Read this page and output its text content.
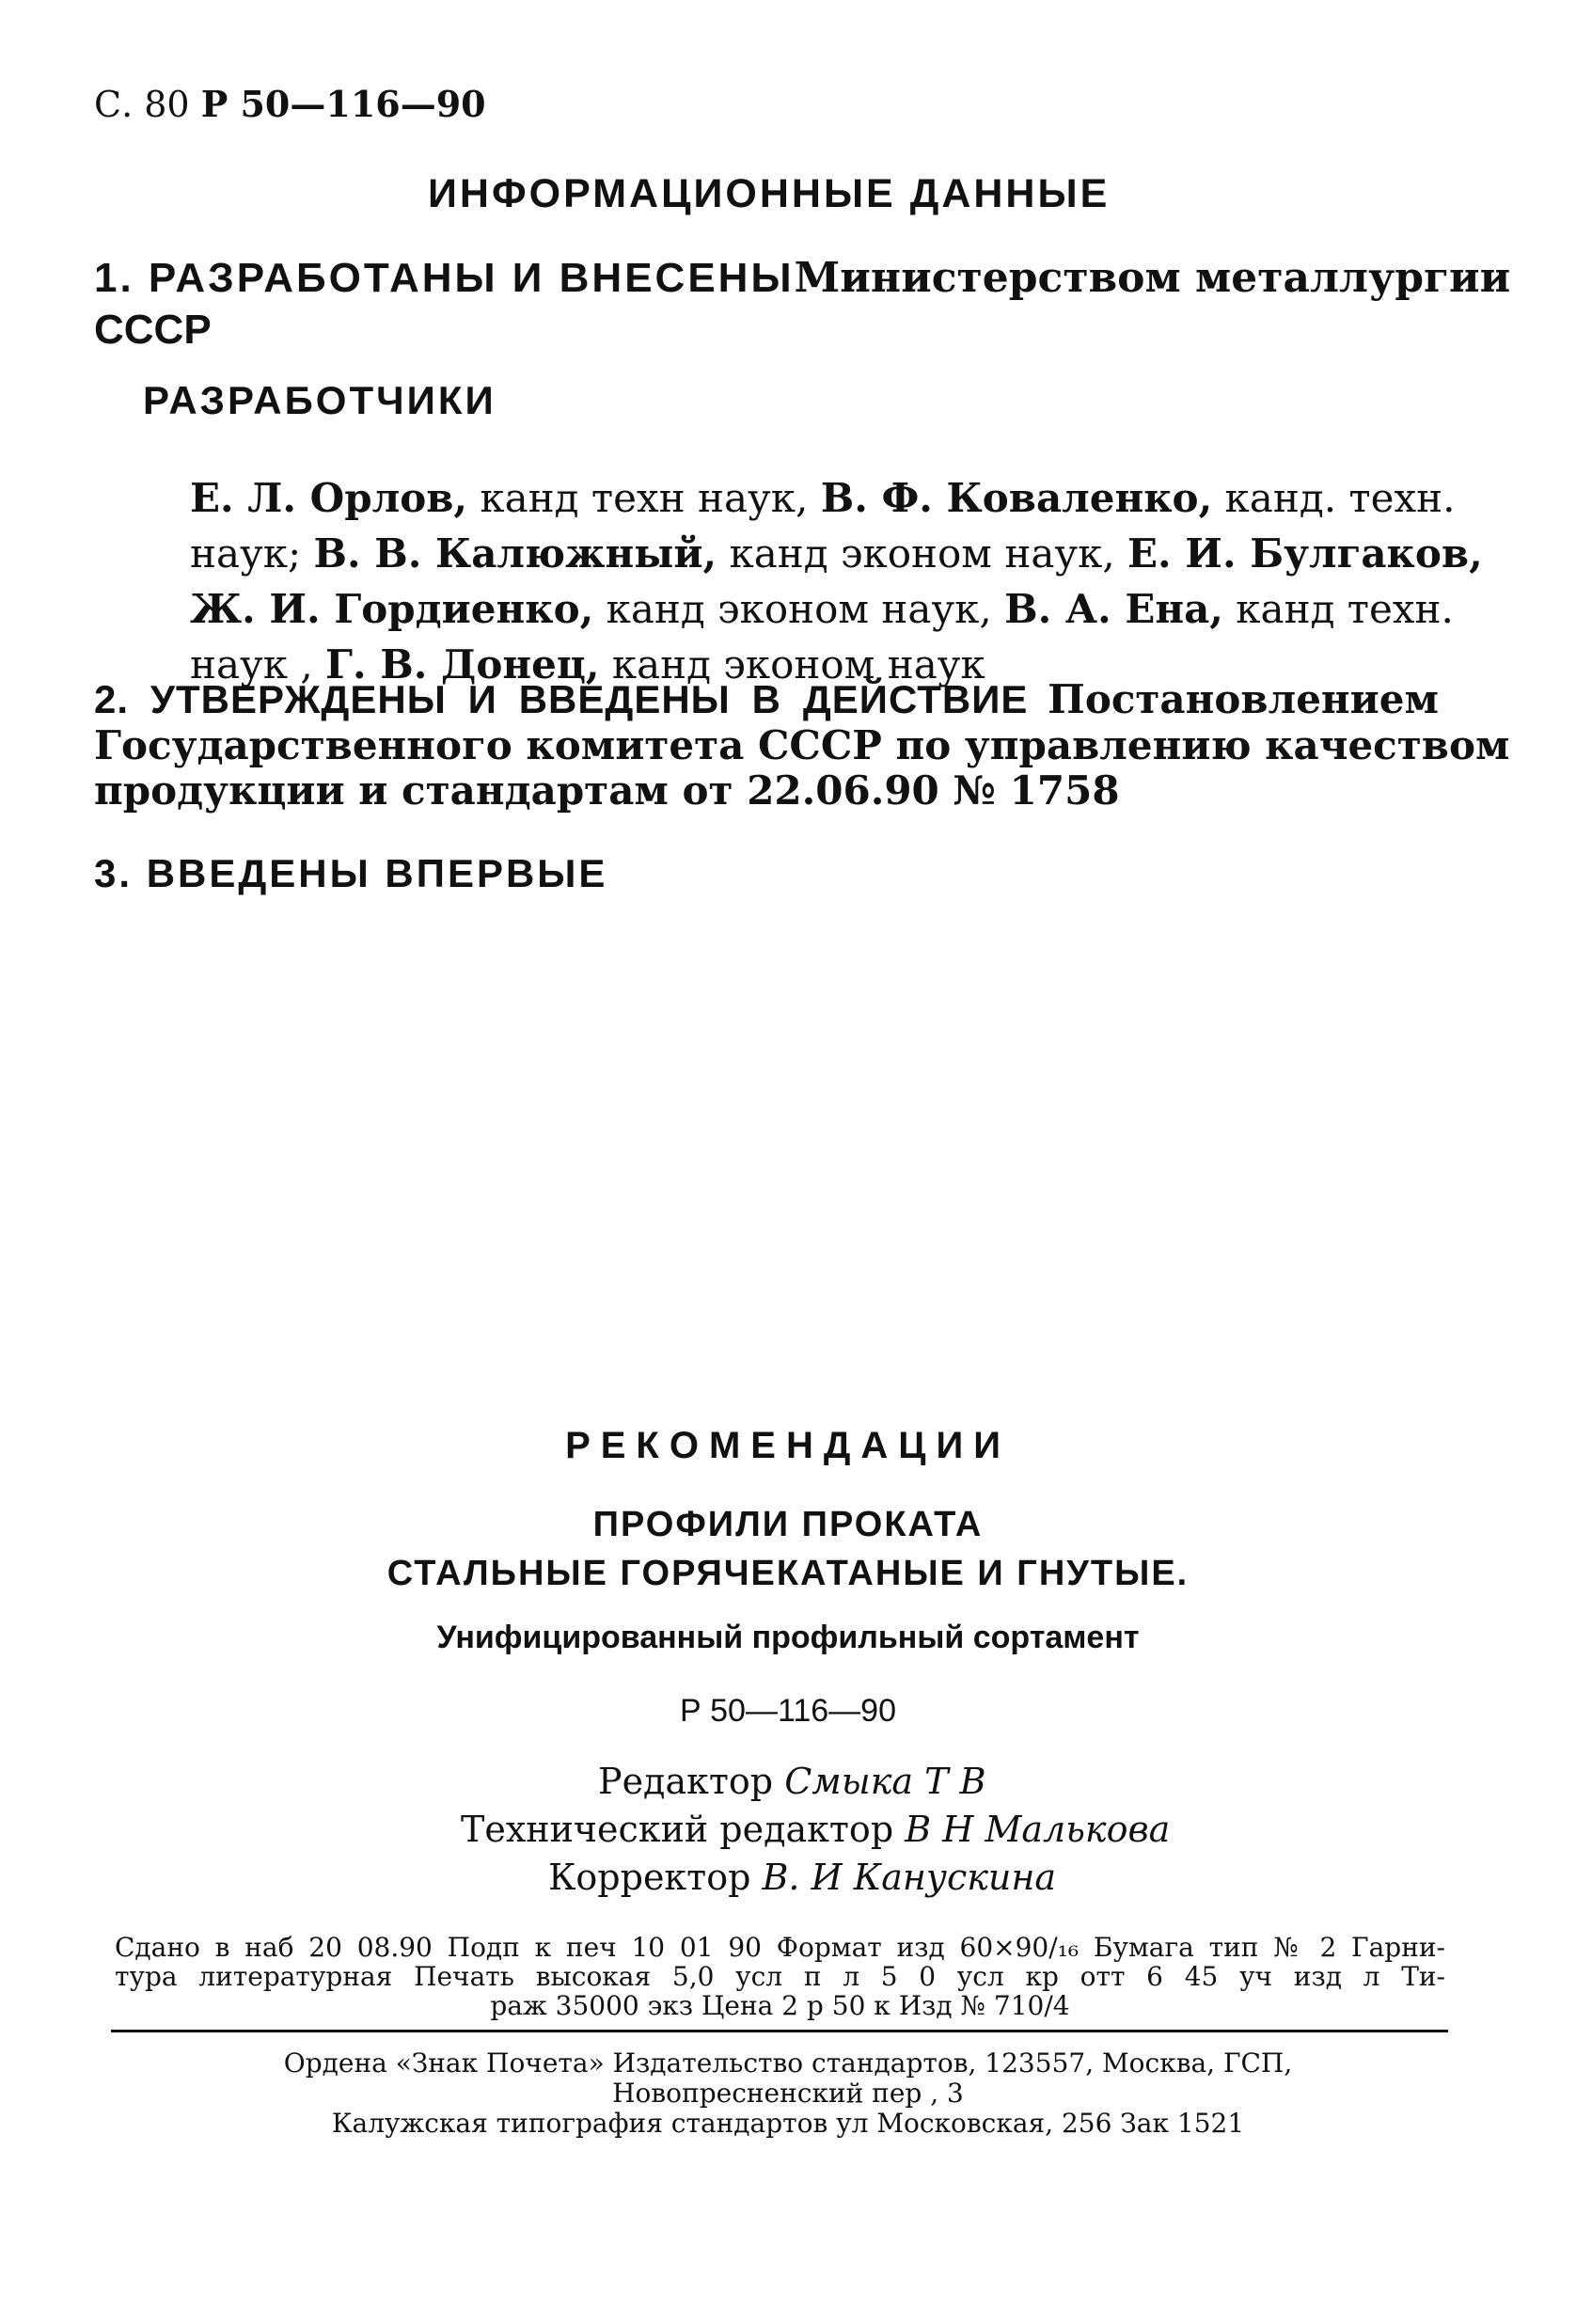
С. 80 Р 50—116—90
ИНФОРМАЦИОННЫЕ ДАННЫЕ
1. РАЗРАБОТАНЫ И ВНЕСЕНЫ Министерством металлургии
СССР
РАЗРАБОТЧИКИ
Е. Л. Орлов, канд техн наук, В. Ф. Коваленко, канд. техн.
наук; В. В. Калюжный, канд эконом наук, Е. И. Булгаков,
Ж. И. Гордиенко, канд эконом наук, В. А. Ена, канд техн.
наук , Г. В. Донец, канд эконом наук
2. УТВЕРЖДЕНЫ И ВВЕДЕНЫ В ДЕЙСТВИЕ Постановлением
Государственного комитета СССР по управлению качеством
продукции и стандартам от 22.06.90 № 1758
3. ВВЕДЕНЫ ВПЕРВЫЕ
РЕКОМЕНДАЦИИ
ПРОФИЛИ ПРОКАТА
СТАЛЬНЫЕ ГОРЯЧЕКАТАНЫЕ И ГНУТЫЕ.
Унифицированный профильный сортамент
Р 50—116—90
Редактор Смыка Т В
Технический редактор В Н Малькова
Корректор В. И Канускина
Сдано в наб 20 08.90 Подп к печ 10 01 90 Формат изд 60×90/₁₆ Бумага тип № 2 Гарни-
тура литературная Печать высокая 5,0 усл п л 5 0 усл кр отт 6 45 уч изд л Ти-
раж 35000 экз Цена 2 р 50 к Изд № 710/4
Ордена «Знак Почета» Издательство стандартов, 123557, Москва, ГСП,
Новопресненский пер , 3
Калужская типография стандартов ул Московская, 256 Зак 1521
